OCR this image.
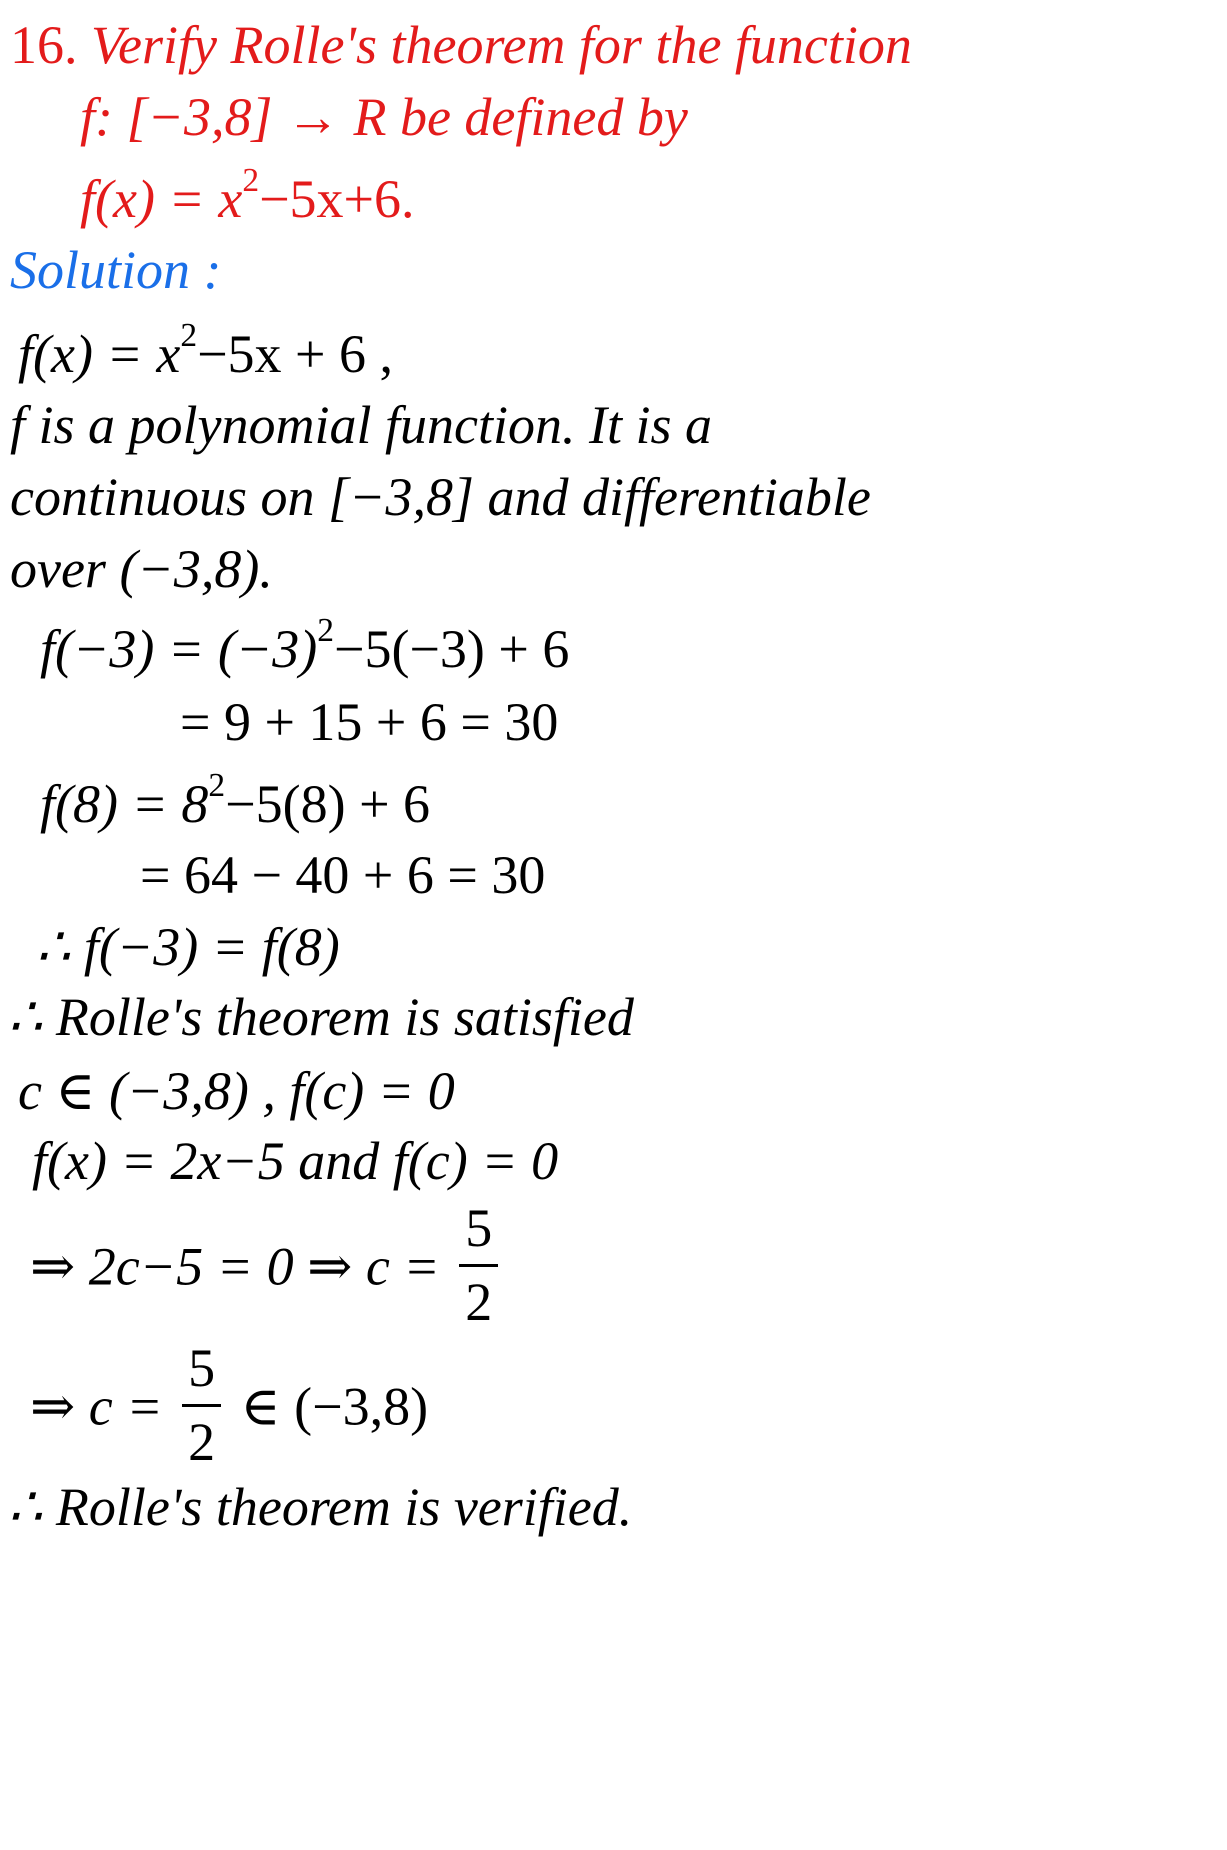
16. Verify Rolle's theorem for the function
f: [−3,8] → R be defined by
$f(x) = x^2-5x+6$.
Solution :
$f(x) = x^2-5x + 6$ ,
f is a polynomial function. It is a
continuous on [−3,8] and differentiable
over (−3,8).
$f(-3) = (-3)^2-5(-3) + 6$
= 9 + 15 + 6 = 30
$f(8) = 8^2-5(8) + 6$
= 64 − 40 + 6 = 30
∴ f(−3) = f(8)
∴ Rolle's theorem is satisfied
c ∈ (−3,8) , f(c) = 0
f(x) = 2x−5 and f(c) = 0
⇒ 2c−5 = 0 ⇒ $c = \frac{5}{2}$
⇒ $c = \frac{5}{2}$ ∈ (−3,8)
∴ Rolle's theorem is verified.
